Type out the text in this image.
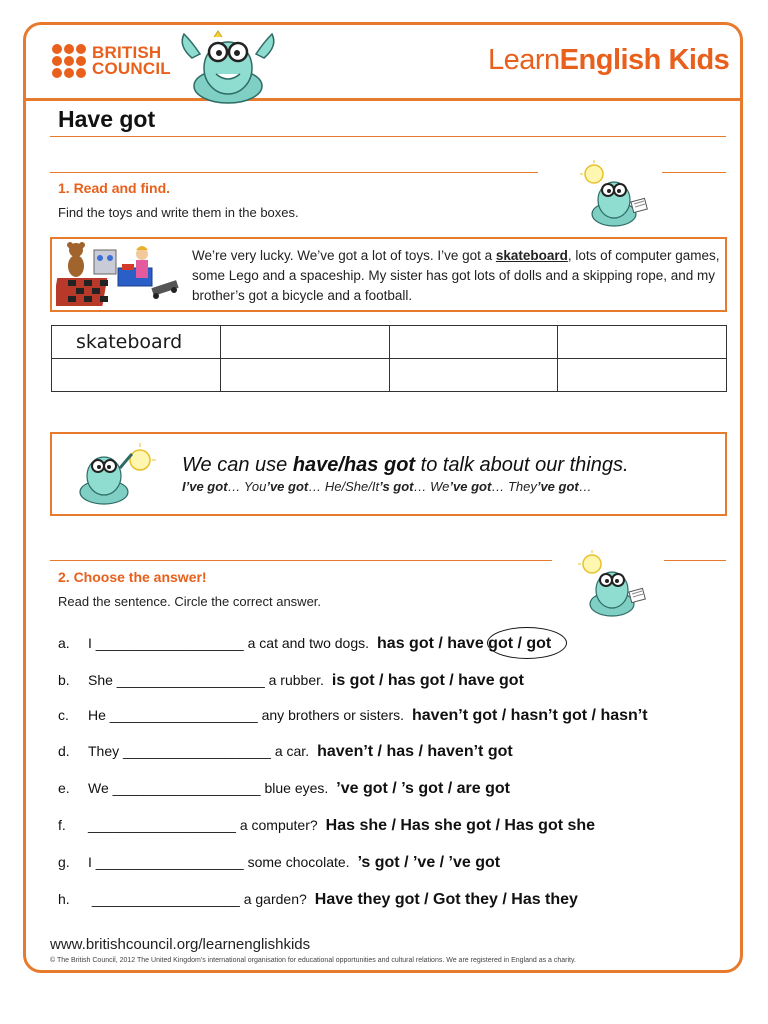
BRITISH
COUNCIL	LearnEnglish Kids
Have got
1. Read and find.
Find the toys and write them in the boxes.
We’re very lucky. We’ve got a lot of toys. I’ve got a skateboard, lots of computer games, some Lego and a spaceship. My sister has got lots of dolls and a skipping rope, and my brother’s got a bicycle and a football.
skateboard			

We can use have/has got to talk about our things.
I’ve got… You’ve got… He/She/It’s got… We’ve got… They’ve got…
2. Choose the answer!
Read the sentence. Circle the correct answer.
a. I ___________________ a cat and two dogs. has got / have got / got
b. She ___________________ a rubber. is got / has got / have got
c. He ___________________ any brothers or sisters. haven’t got / hasn’t got / hasn’t
d. They ___________________ a car. haven’t / has / haven’t got
e. We ___________________ blue eyes. ’ve got / ’s got / are got
f. ___________________ a computer? Has she / Has she got / Has got she
g. I ___________________ some chocolate. ’s got / ’ve / ’ve got
h. ___________________ a garden? Have they got / Got they / Has they
www.britishcouncil.org/learnenglishkids
© The British Council, 2012 The United Kingdom’s international organisation for educational opportunities and cultural relations. We are registered in England as a charity.
